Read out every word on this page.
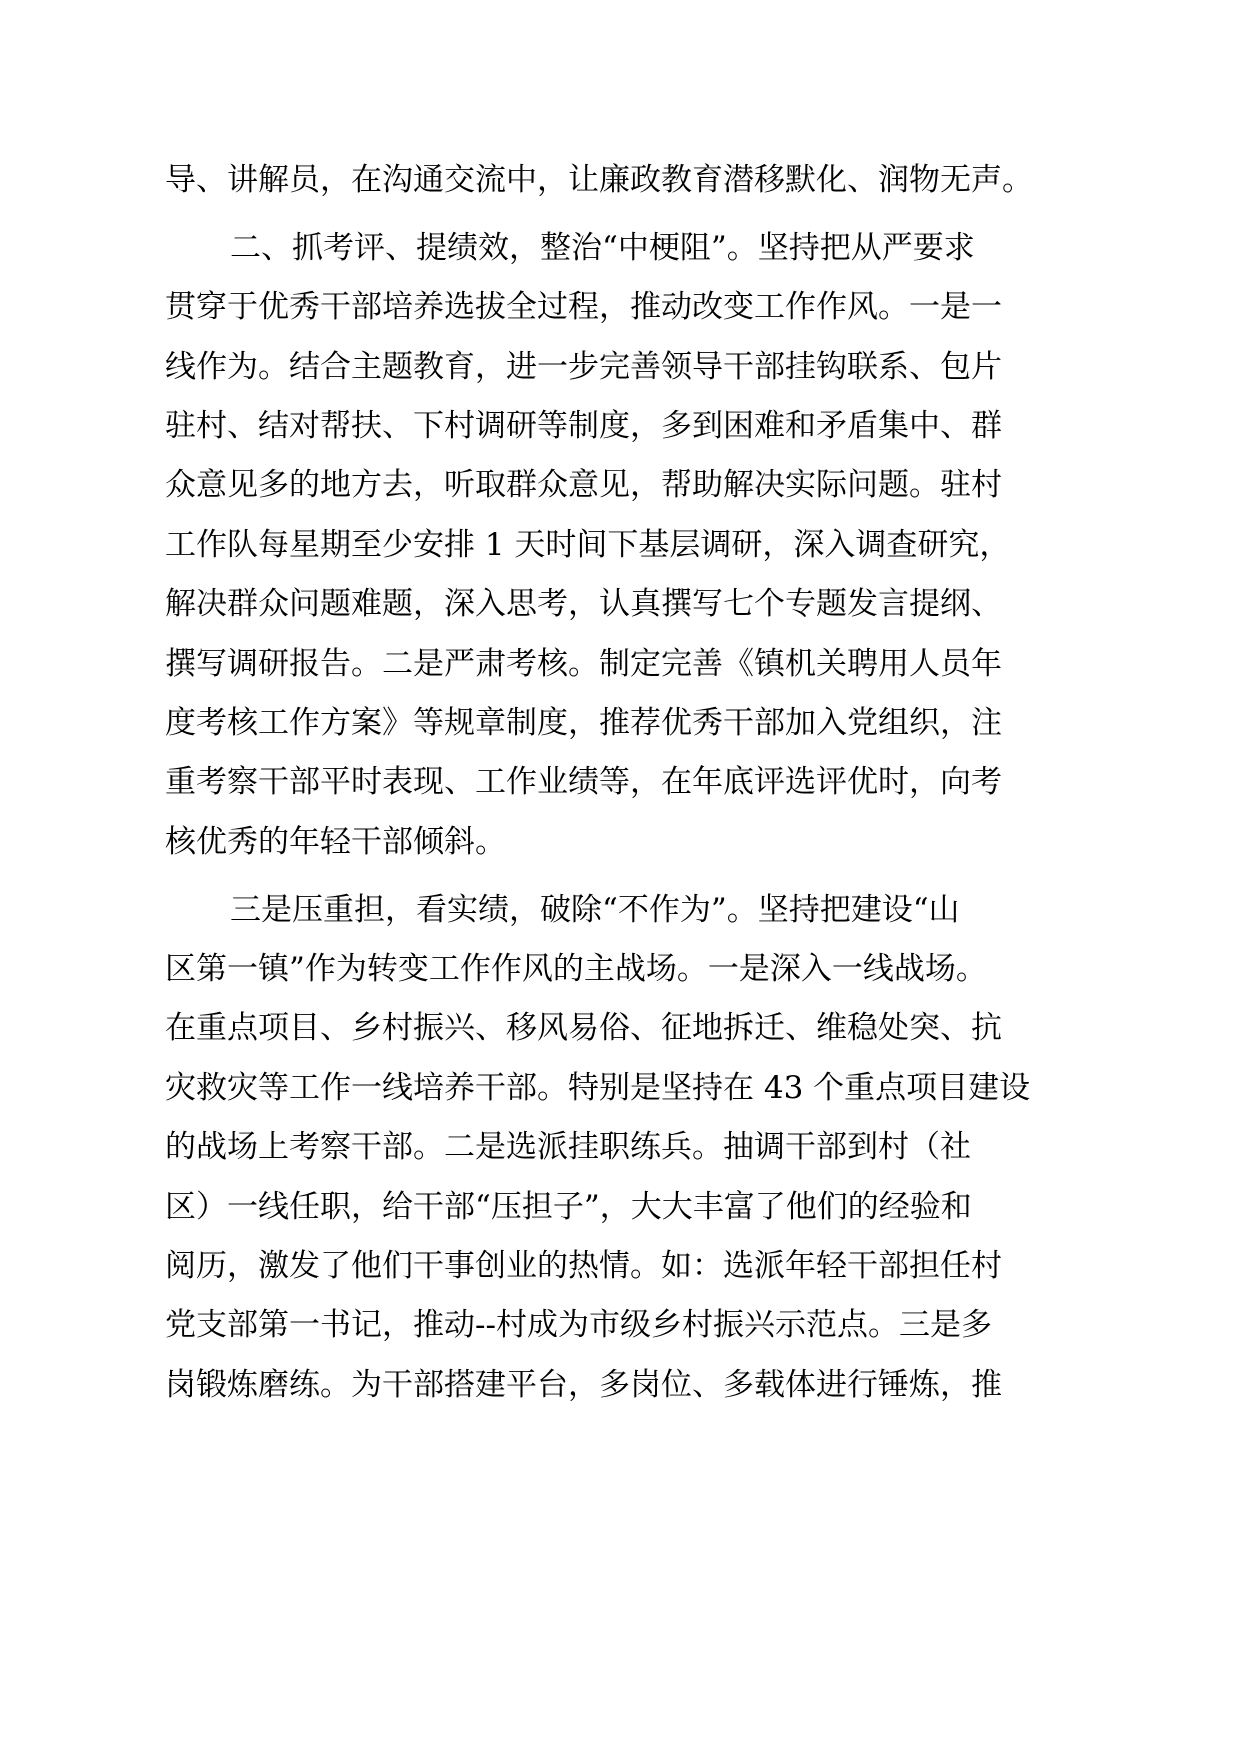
导、讲解员，在沟通交流中，让廉政教育潜移默化、润物无声。

二、抓考评、提绩效，整治“中梗阻”。坚持把从严要求

贯穿于优秀干部培养选拔全过程，推动改变工作作风。一是一

线作为。结合主题教育，进一步完善领导干部挂钩联系、包片

驻村、结对帮扶、下村调研等制度，多到困难和矛盾集中、群

众意见多的地方去，听取群众意见，帮助解决实际问题。驻村

工作队每星期至少安排 1 天时间下基层调研，深入调查研究，

解决群众问题难题，深入思考，认真撰写七个专题发言提纲、

撰写调研报告。二是严肃考核。制定完善《镇机关聘用人员年

度考核工作方案》等规章制度，推荐优秀干部加入党组织，注

重考察干部平时表现、工作业绩等，在年底评选评优时，向考

核优秀的年轻干部倾斜。

三是压重担，看实绩，破除“不作为”。坚持把建设“山

区第一镇”作为转变工作作风的主战场。一是深入一线战场。

在重点项目、乡村振兴、移风易俗、征地拆迁、维稳处突、抗

灾救灾等工作一线培养干部。特别是坚持在 43 个重点项目建设

的战场上考察干部。二是选派挂职练兵。抽调干部到村（社

区）一线任职，给干部“压担子”，大大丰富了他们的经验和

阅历，激发了他们干事创业的热情。如：选派年轻干部担任村

党支部第一书记，推动--村成为市级乡村振兴示范点。三是多

岗锻炼磨练。为干部搭建平台，多岗位、多载体进行锤炼，推
